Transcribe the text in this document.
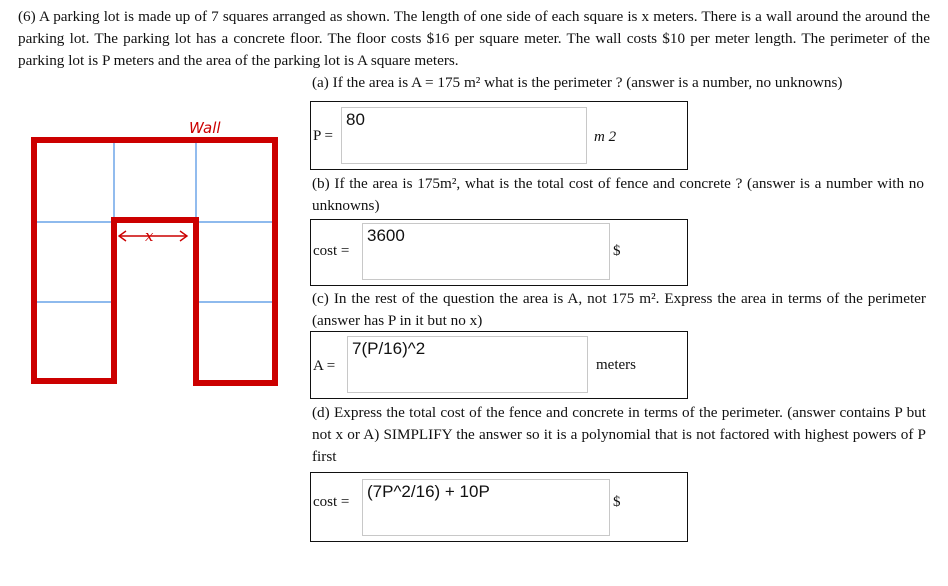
(6) A parking lot is made up of 7 squares arranged as shown. The length of one side of each square is x meters. There is a wall around the around the parking lot. The parking lot has a concrete floor. The floor costs $16 per square meter. The wall costs $10 per meter length. The perimeter of the parking lot is P meters and the area of the parking lot is A square meters.
Wall
x
(a) If the area is A = 175 m² what is the perimeter ? (answer is a number, no unknowns)
P =
80
m 2
(b) If the area is 175m², what is the total cost of fence and concrete ? (answer is a number with no unknowns)
cost =
3600
$
(c) In the rest of the question the area is A, not 175 m². Express the area in terms of the perimeter (answer has P in it but no x)
A =
7(P/16)^2
meters
(d) Express the total cost of the fence and concrete in terms of the perimeter. (answer contains P but not x or A) SIMPLIFY the answer so it is a polynomial that is not factored with highest powers of P first
cost =
(7P^2/16) + 10P
$
